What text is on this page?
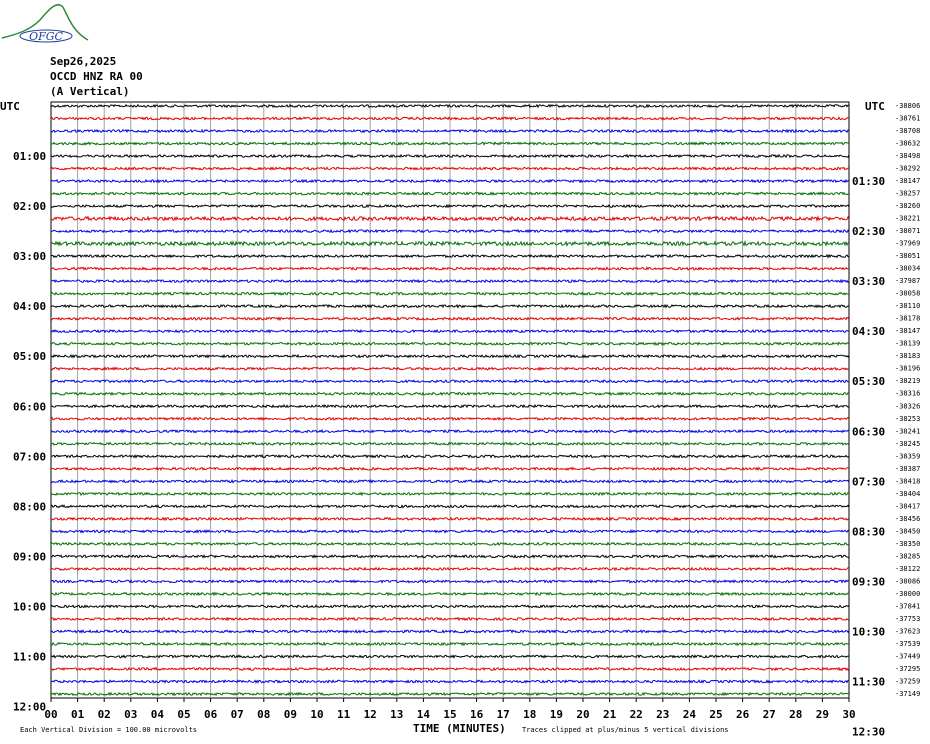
OFGC
Sep26,2025
OCCD HNZ RA 00
(A Vertical)
01:00
02:00
03:00
04:00
05:00
06:00
07:00
08:00
09:00
10:00
11:00
12:00
01:30
02:30
03:30
04:30
05:30
06:30
07:30
08:30
09:30
10:30
11:30
12:30
-38806
-38761
-38708
-38632
-38498
-38292
-38147
-38257
-38260
-38221
-38071
-37969
-38051
-38034
-37987
-38058
-38110
-38178
-38147
-38139
-38183
-38196
-38219
-38316
-38326
-38253
-38241
-38245
-38359
-38387
-38418
-38404
-38417
-38456
-38450
-38350
-38285
-38122
-38086
-38000
-37841
-37753
-37623
-37539
-37449
-37295
-37259
-37149
00 01 02 03 04 05 06 07 08 09 10 11 12 13 14 15 16 17 18 19 20 21 22 23 24 25 26 27 28 29 30
UTC	UTC
TIME (MINUTES)
Each Vertical Division = 100.00 microvolts	Traces clipped at plus/minus 5 vertical divisions
